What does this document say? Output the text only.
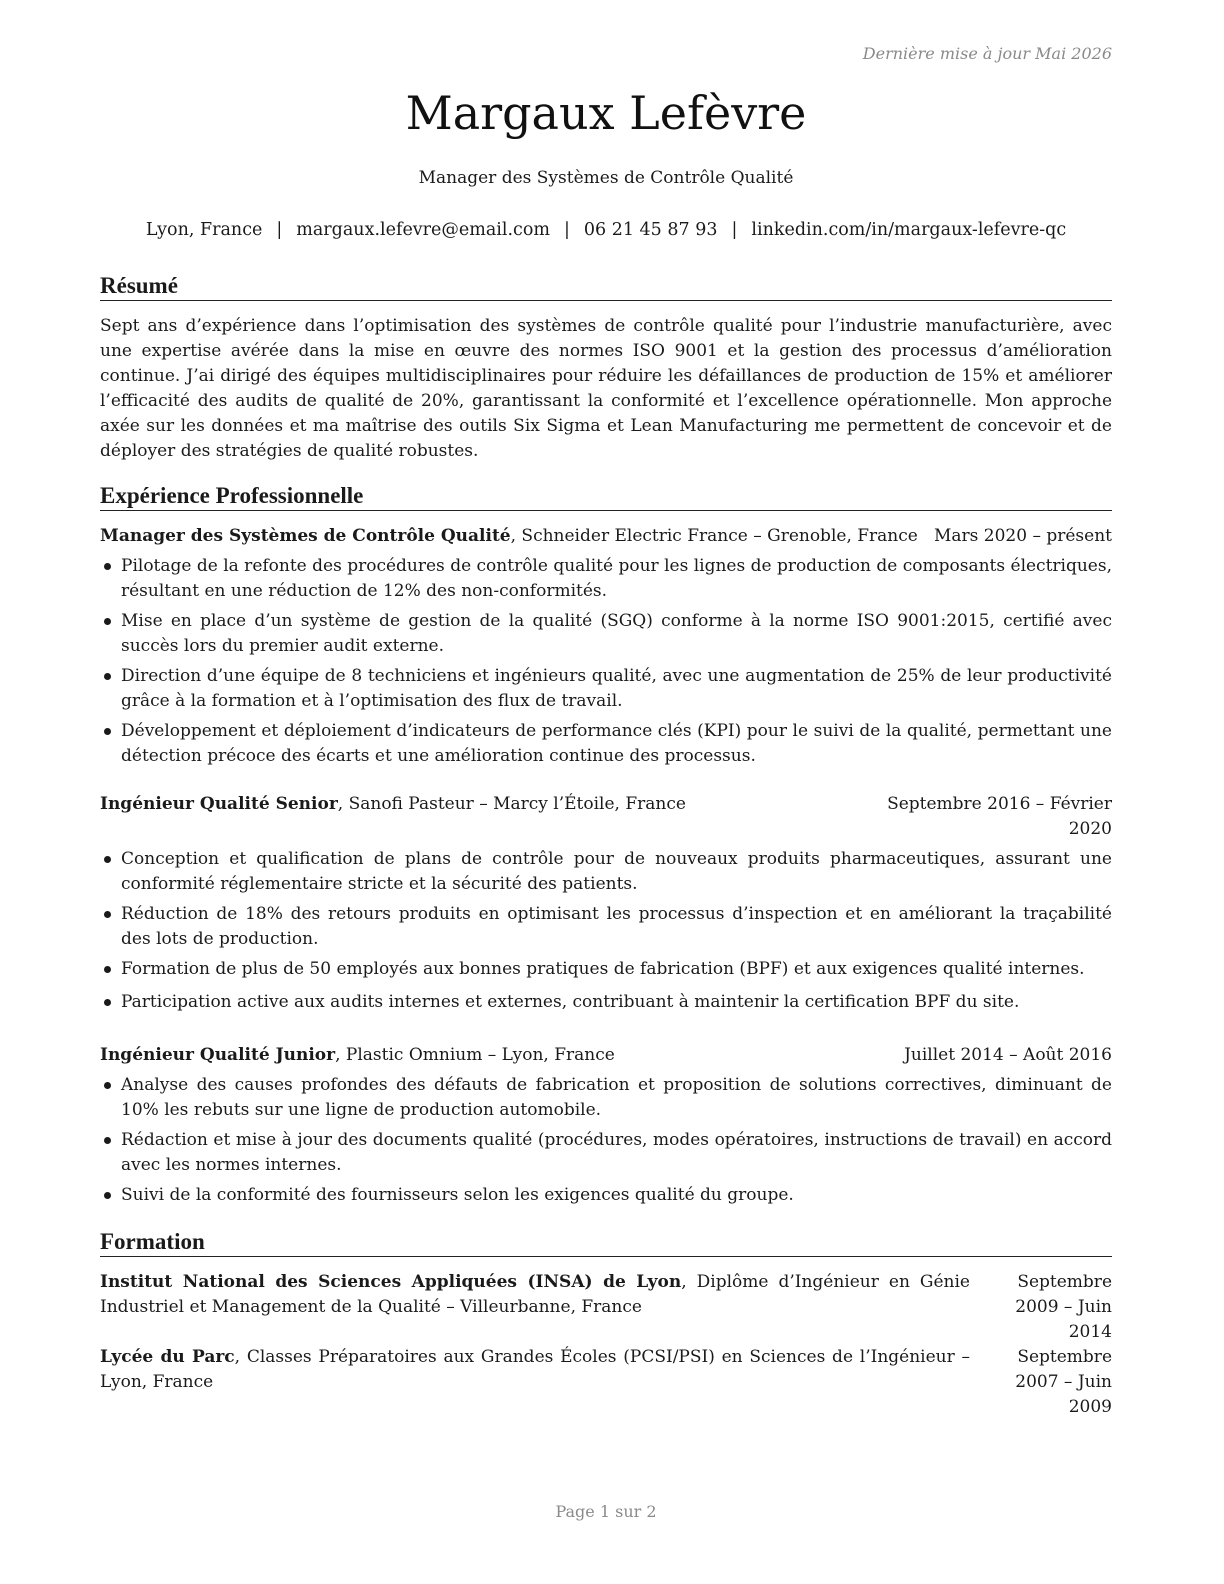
Dernière mise à jour Mai 2026
Margaux Lefèvre
Manager des Systèmes de Contrôle Qualité
Lyon, France | margaux.lefevre@email.com | 06 21 45 87 93 | linkedin.com/in/margaux-lefevre-qc
Résumé
Sept ans d’expérience dans l’optimisation des systèmes de contrôle qualité pour l’industrie manufacturière, avec une expertise avérée dans la mise en œuvre des normes ISO 9001 et la gestion des processus d’amélioration continue. J’ai dirigé des équipes multidisciplinaires pour réduire les défaillances de production de 15% et améliorer l’efficacité des audits de qualité de 20%, garantissant la conformité et l’excellence opérationnelle. Mon approche axée sur les données et ma maîtrise des outils Six Sigma et Lean Manufacturing me permettent de concevoir et de déployer des stratégies de qualité robustes.
Expérience Professionnelle
Manager des Systèmes de Contrôle Qualité, Schneider Electric France – Grenoble, France Mars 2020 – présent
Pilotage de la refonte des procédures de contrôle qualité pour les lignes de production de composants électriques, résultant en une réduction de 12% des non-conformités.
Mise en place d’un système de gestion de la qualité (SGQ) conforme à la norme ISO 9001:2015, certifié avec succès lors du premier audit externe.
Direction d’une équipe de 8 techniciens et ingénieurs qualité, avec une augmentation de 25% de leur productivité grâce à la formation et à l’optimisation des flux de travail.
Développement et déploiement d’indicateurs de performance clés (KPI) pour le suivi de la qualité, permettant une détection précoce des écarts et une amélioration continue des processus.
Ingénieur Qualité Senior, Sanofi Pasteur – Marcy l’Étoile, France	Septembre 2016 – Février 2020
Conception et qualification de plans de contrôle pour de nouveaux produits pharmaceutiques, assurant une conformité réglementaire stricte et la sécurité des patients.
Réduction de 18% des retours produits en optimisant les processus d’inspection et en améliorant la traçabilité des lots de production.
Formation de plus de 50 employés aux bonnes pratiques de fabrication (BPF) et aux exigences qualité internes.
Participation active aux audits internes et externes, contribuant à maintenir la certification BPF du site.
Ingénieur Qualité Junior, Plastic Omnium – Lyon, France	Juillet 2014 – Août 2016
Analyse des causes profondes des défauts de fabrication et proposition de solutions correctives, diminuant de 10% les rebuts sur une ligne de production automobile.
Rédaction et mise à jour des documents qualité (procédures, modes opératoires, instructions de travail) en accord avec les normes internes.
Suivi de la conformité des fournisseurs selon les exigences qualité du groupe.
Formation
Institut National des Sciences Appliquées (INSA) de Lyon, Diplôme d’Ingénieur en Génie Industriel et Management de la Qualité – Villeurbanne, France
Septembre 2009 – Juin 2014
Lycée du Parc, Classes Préparatoires aux Grandes Écoles (PCSI/PSI) en Sciences de l’Ingénieur – Lyon, France
Septembre 2007 – Juin 2009
Page 1 sur 2
